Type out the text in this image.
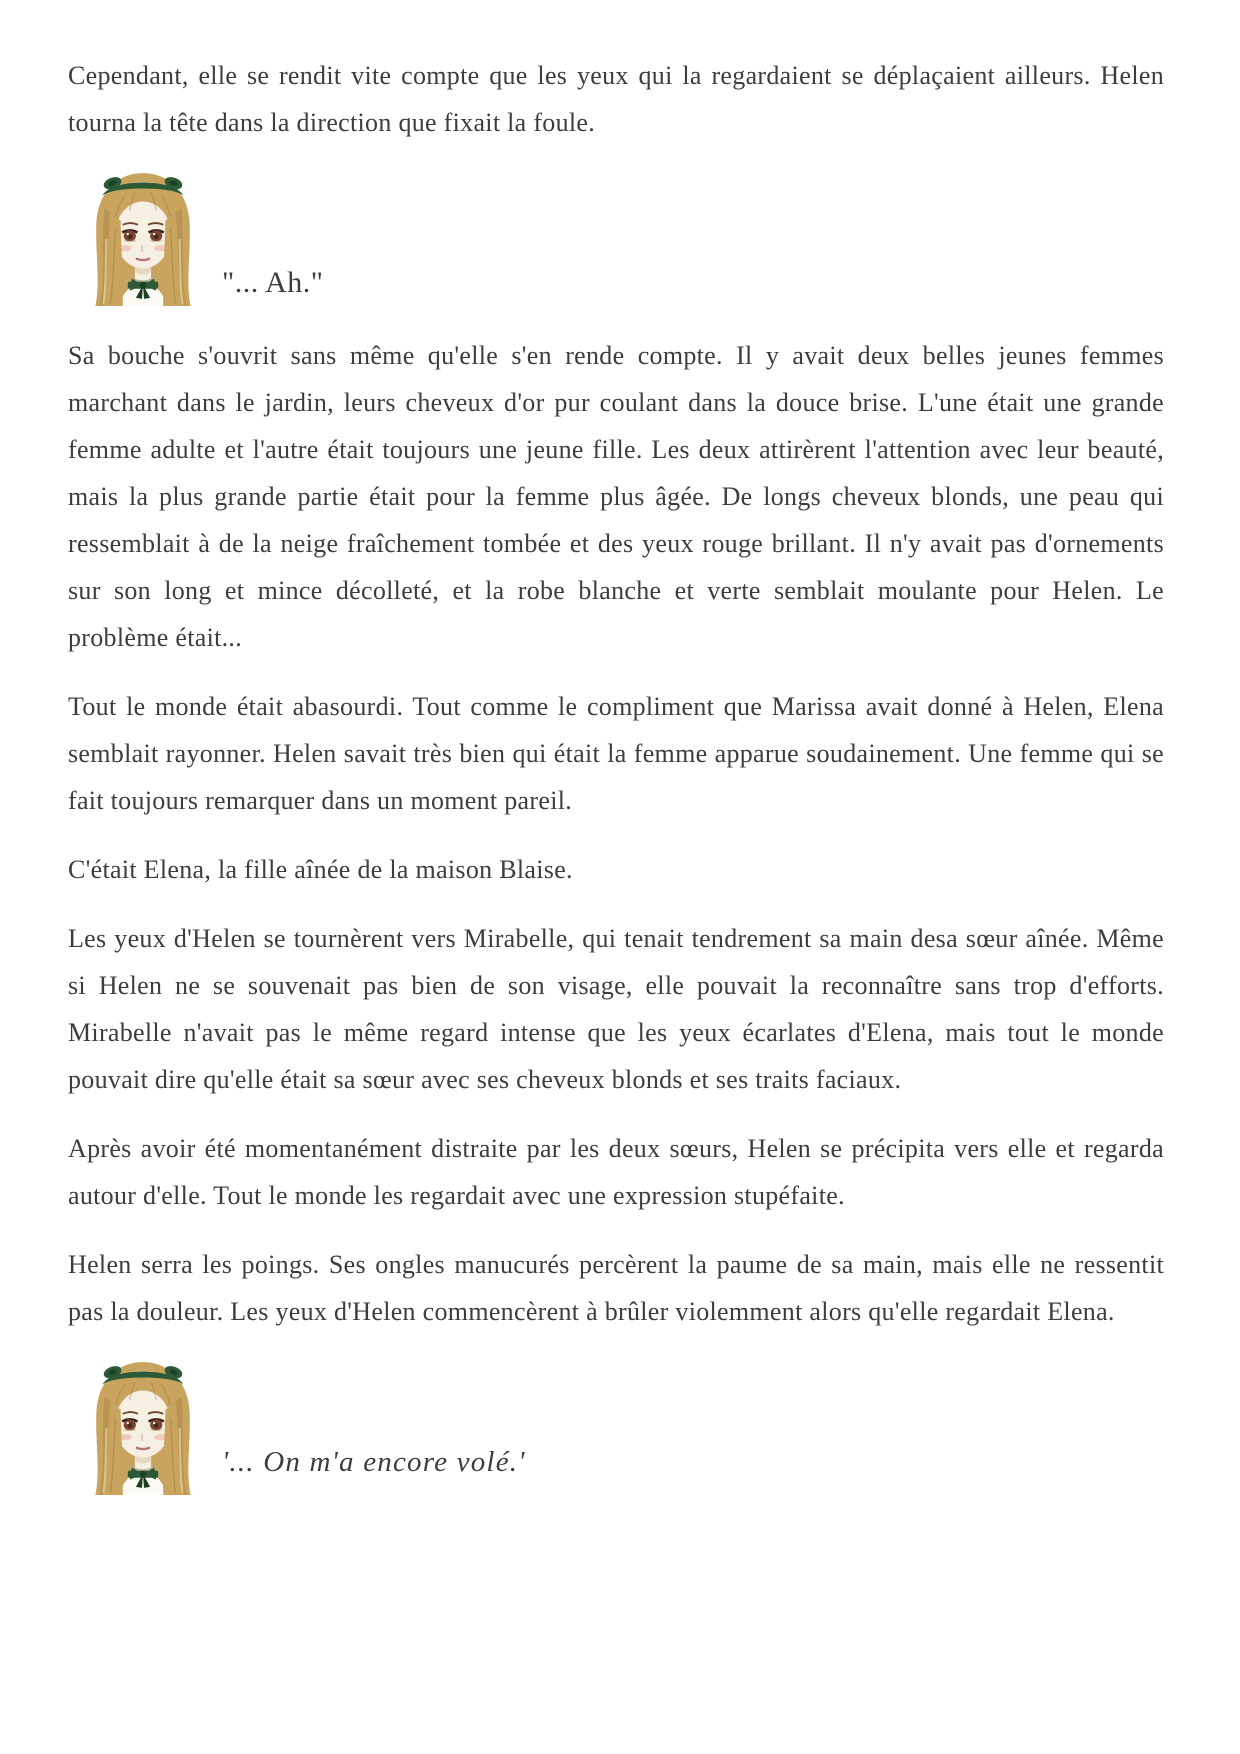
Cependant, elle se rendit vite compte que les yeux qui la regardaient se déplaçaient ailleurs. Helen tourna la tête dans la direction que fixait la foule.

"... Ah."

Sa bouche s'ouvrit sans même qu'elle s'en rende compte. Il y avait deux belles jeunes femmes marchant dans le jardin, leurs cheveux d'or pur coulant dans la douce brise. L'une était une grande femme adulte et l'autre était toujours une jeune fille. Les deux attirèrent l'attention avec leur beauté, mais la plus grande partie était pour la femme plus âgée. De longs cheveux blonds, une peau qui ressemblait à de la neige fraîchement tombée et des yeux rouge brillant. Il n'y avait pas d'ornements sur son long et mince décolleté, et la robe blanche et verte semblait moulante pour Helen. Le problème était...

Tout le monde était abasourdi. Tout comme le compliment que Marissa avait donné à Helen, Elena semblait rayonner. Helen savait très bien qui était la femme apparue soudainement. Une femme qui se fait toujours remarquer dans un moment pareil.

C'était Elena, la fille aînée de la maison Blaise.

Les yeux d'Helen se tournèrent vers Mirabelle, qui tenait tendrement sa main desa sœur aînée. Même si Helen ne se souvenait pas bien de son visage, elle pouvait la reconnaître sans trop d'efforts. Mirabelle n'avait pas le même regard intense que les yeux écarlates d'Elena, mais tout le monde pouvait dire qu'elle était sa sœur avec ses cheveux blonds et ses traits faciaux.

Après avoir été momentanément distraite par les deux sœurs, Helen se précipita vers elle et regarda autour d'elle. Tout le monde les regardait avec une expression stupéfaite.

Helen serra les poings. Ses ongles manucurés percèrent la paume de sa main, mais elle ne ressentit pas la douleur. Les yeux d'Helen commencèrent à brûler violemment alors qu'elle regardait Elena.

'... On m'a encore volé.'
